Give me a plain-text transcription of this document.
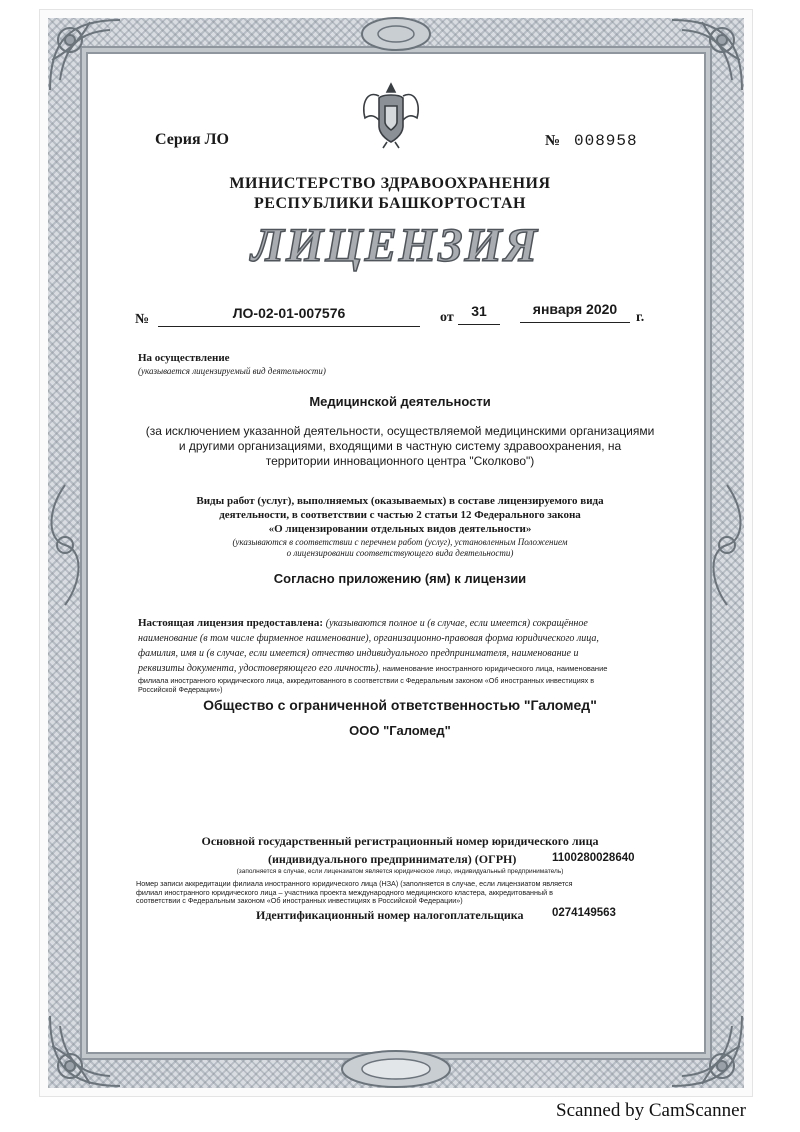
Серия ЛО	№ 008958
МИНИСТЕРСТВО ЗДРАВООХРАНЕНИЯ
РЕСПУБЛИКИ БАШКОРТОСТАН
ЛИЦЕНЗИЯ
№	ЛО-02-01-007576	от	31	января 2020
г.
На осуществление
(указывается лицензируемый вид деятельности)
Медицинской деятельности
(за исключением указанной деятельности, осуществляемой медицинскими организациями
и другими организациями, входящими в частную систему здравоохранения, на
территории инновационного центра "Сколково")
Виды работ (услуг), выполняемых (оказываемых) в составе лицензируемого вида
деятельности, в соответствии с частью 2 статьи 12 Федерального закона
«О лицензировании отдельных видов деятельности»
(указываются в соответствии с перечнем работ (услуг), установленным Положением
о лицензировании соответствующего вида деятельности)
Согласно приложению (ям) к лицензии
Настоящая лицензия предоставлена: (указываются полное и (в случае, если имеется) сокращённое
наименование (в том числе фирменное наименование), организационно-правовая форма юридического лица,
фамилия, имя и (в случае, если имеется) отчество индивидуального предпринимателя, наименование и
реквизиты документа, удостоверяющего его личность), наименование иностранного юридического лица, наименование
филиала иностранного юридического лица, аккредитованного в соответствии с Федеральным законом «Об иностранных инвестициях в
Российской Федерации»)
Общество с ограниченной ответственностью "Галомед"
ООО "Галомед"
Основной государственный регистрационный номер юридического лица
(индивидуального предпринимателя) (ОГРН)	1100280028640
(заполняется в случае, если лицензиатом является юридическое лицо, индивидуальный предприниматель)
Номер записи аккредитации филиала иностранного юридического лица (НЗА) (заполняется в случае, если лицензиатом является
филиал иностранного юридического лица – участника проекта международного медицинского кластера, аккредитованный в
соответствии с Федеральным законом «Об иностранных инвестициях в Российской Федерации»)
Идентификационный номер налогоплательщика 0274149563
Scanned by CamScanner
